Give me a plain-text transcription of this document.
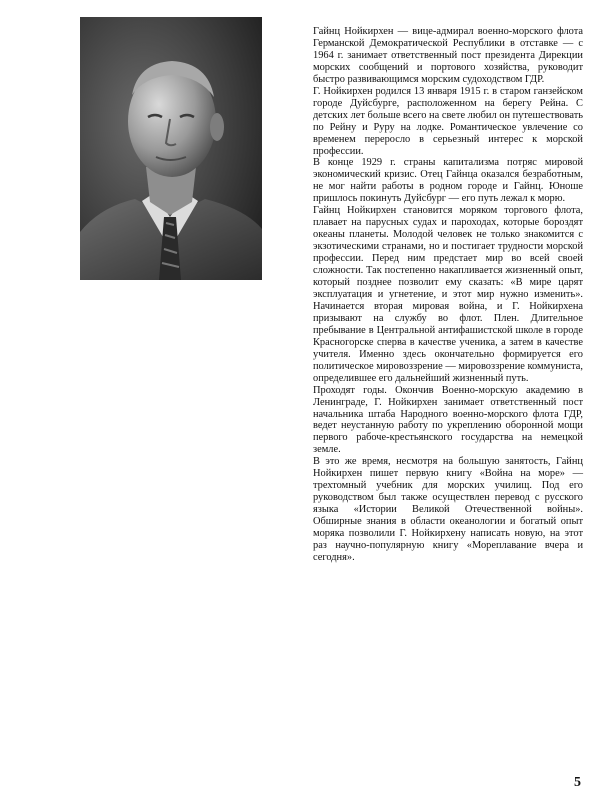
Гайнц Нойкирхен — вице-адмирал военно-морского флота Германской Демократической Республики в отставке — с 1964 г. занимает ответственный пост президента Дирекции морских сообщений и портового хозяйства, руководит быстро развивающимся морским судоходством ГДР.

Г. Нойкирхен родился 13 января 1915 г. в старом ганзейском городе Дуйсбурге, расположенном на берегу Рейна. С детских лет больше всего на свете любил он путешествовать по Рейну и Руру на лодке. Романтическое увлечение со временем переросло в серьезный интерес к морской профессии.

В конце 1929 г. страны капитализма потряс мировой экономический кризис. Отец Гайнца оказался безработным, не мог найти работы в родном городе и Гайнц. Юноше пришлось покинуть Дуйсбург — его путь лежал к морю.

Гайнц Нойкирхен становится моряком торгового флота, плавает на парусных судах и пароходах, которые бороздят океаны планеты. Молодой человек не только знакомится с экзотическими странами, но и постигает трудности морской профессии. Перед ним предстает мир во всей своей сложности. Так постепенно накапливается жизненный опыт, который позднее позволит ему сказать: «В мире царят эксплуатация и угнетение, и этот мир нужно изменить». Начинается вторая мировая война, и Г. Нойкирхена призывают на службу во флот. Плен. Длительное пребывание в Центральной антифашистской школе в городе Красногорске сперва в качестве ученика, а затем в качестве учителя. Именно здесь окончательно формируется его политическое мировоззрение — мировоззрение коммуниста, определившее его дальнейший жизненный путь.

Проходят годы. Окончив Военно-морскую академию в Ленинграде, Г. Нойкирхен занимает ответственный пост начальника штаба Народного военно-морского флота ГДР, ведет неустанную работу по укреплению оборонной мощи первого рабоче-крестьянского государства на немецкой земле.

В это же время, несмотря на большую занятость, Гайнц Нойкирхен пишет первую книгу «Война на море» — трехтомный учебник для морских училищ. Под его руководством был также осуществлен перевод с русского языка «Истории Великой Отечественной войны». Обширные знания в области океанологии и богатый опыт моряка позволили Г. Нойкирхену написать новую, на этот раз научно-популярную книгу «Мореплавание вчера и сегодня».

5
